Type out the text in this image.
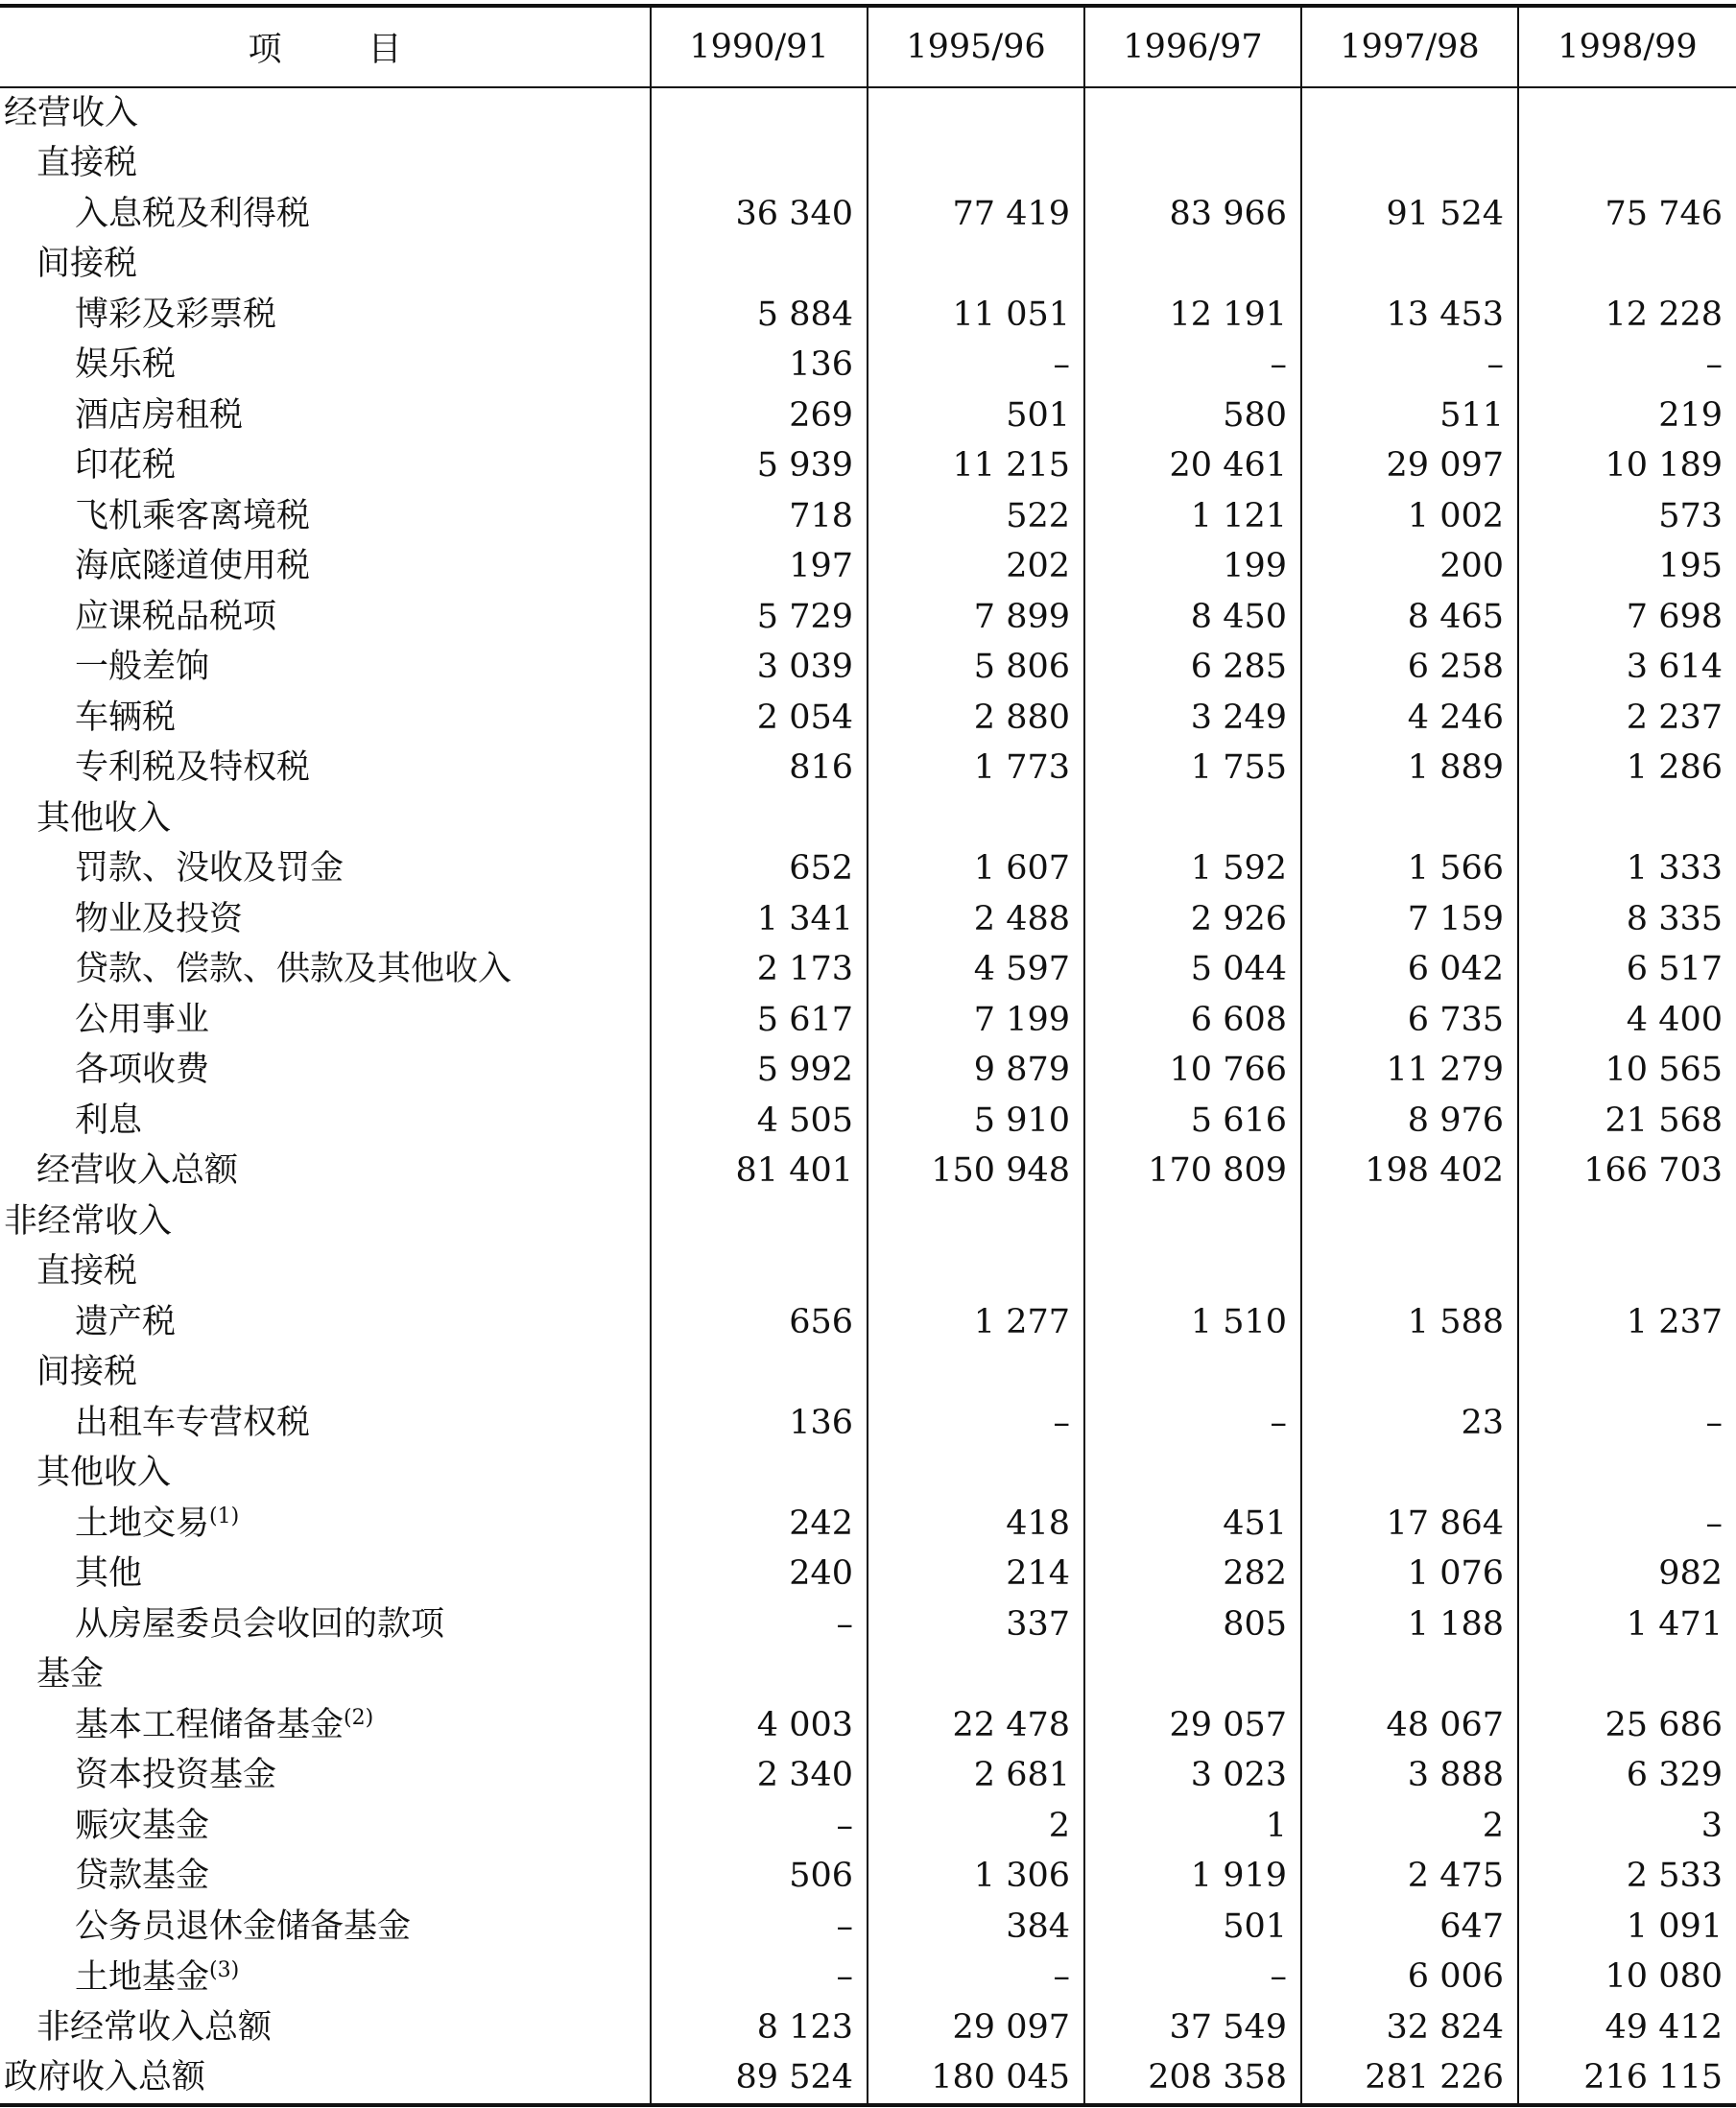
项 目	1990/91	1995/96	1996/97	1997/98	1998/99
经营收入					
直接税					
入息税及利得税	36 340	77 419	83 966	91 524	75 746
间接税					
博彩及彩票税	5 884	11 051	12 191	13 453	12 228
娱乐税	136	–	–	–	–
酒店房租税	269	501	580	511	219
印花税	5 939	11 215	20 461	29 097	10 189
飞机乘客离境税	718	522	1 121	1 002	573
海底隧道使用税	197	202	199	200	195
应课税品税项	5 729	7 899	8 450	8 465	7 698
一般差饷	3 039	5 806	6 285	6 258	3 614
车辆税	2 054	2 880	3 249	4 246	2 237
专利税及特权税	816	1 773	1 755	1 889	1 286
其他收入					
罚款、没收及罚金	652	1 607	1 592	1 566	1 333
物业及投资	1 341	2 488	2 926	7 159	8 335
贷款、偿款、供款及其他收入	2 173	4 597	5 044	6 042	6 517
公用事业	5 617	7 199	6 608	6 735	4 400
各项收费	5 992	9 879	10 766	11 279	10 565
利息	4 505	5 910	5 616	8 976	21 568
经营收入总额	81 401	150 948	170 809	198 402	166 703
非经常收入					
直接税					
遗产税	656	1 277	1 510	1 588	1 237
间接税					
出租车专营权税	136	–	–	23	–
其他收入					
土地交易$^{(1)}$	242	418	451	17 864	–
其他	240	214	282	1 076	982
从房屋委员会收回的款项	–	337	805	1 188	1 471
基金					
基本工程储备基金$^{(2)}$	4 003	22 478	29 057	48 067	25 686
资本投资基金	2 340	2 681	3 023	3 888	6 329
赈灾基金	–	2	1	2	3
贷款基金	506	1 306	1 919	2 475	2 533
公务员退休金储备基金	–	384	501	647	1 091
土地基金$^{(3)}$	–	–	–	6 006	10 080
非经常收入总额	8 123	29 097	37 549	32 824	49 412
政府收入总额	89 524	180 045	208 358	281 226	216 115
